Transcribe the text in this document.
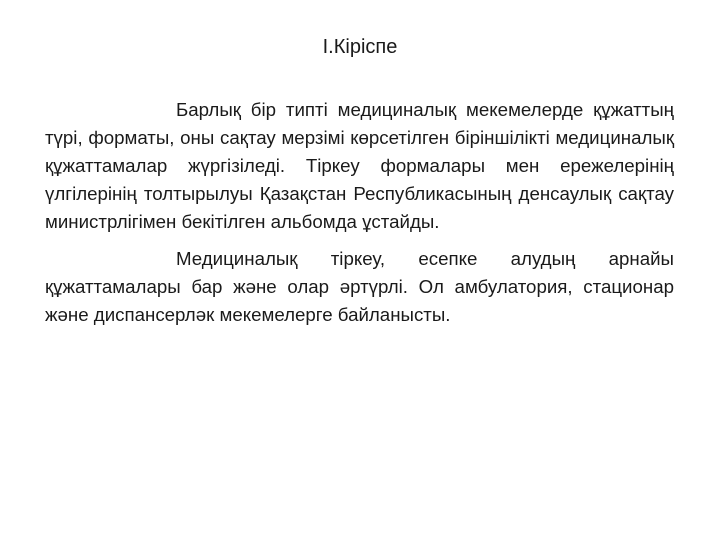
I.Кіріспе

Барлық бір типті медициналық мекемелерде құжаттың түрі, форматы, оны сақтау мерзімі көрсетілген біріншілікті медициналық құжаттамалар жүргізіледі. Тіркеу формалары мен ережелерінің үлгілерінің толтырылуы Қазақстан Республикасының денсаулық сақтау министрлігімен бекітілген альбомда ұстайды.

Медициналық тіркеу, есепке алудың арнайы құжаттамалары бар және олар әртүрлі. Ол амбулатория, стационар және диспансерләк мекемелерге байланысты.
